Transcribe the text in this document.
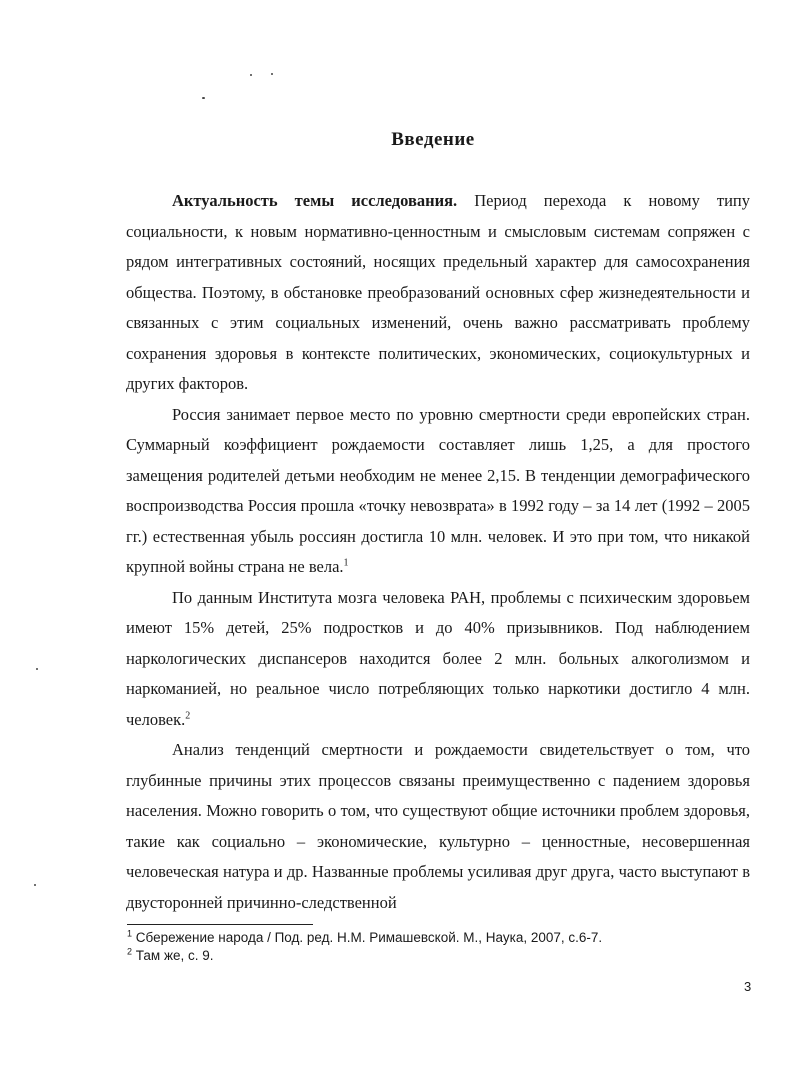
Введение

Актуальность темы исследования. Период перехода к новому типу социальности, к новым нормативно-ценностным и смысловым системам сопряжен с рядом интегративных состояний, носящих предельный характер для самосохранения общества. Поэтому, в обстановке преобразований основных сфер жизнедеятельности и связанных с этим социальных изменений, очень важно рассматривать проблему сохранения здоровья в контексте политических, экономических, социокультурных и других факторов.

Россия занимает первое место по уровню смертности среди европейских стран. Суммарный коэффициент рождаемости составляет лишь 1,25, а для простого замещения родителей детьми необходим не менее 2,15. В тенденции демографического воспроизводства Россия прошла «точку невозврата» в 1992 году – за 14 лет (1992 – 2005 гг.) естественная убыль россиян достигла 10 млн. человек. И это при том, что никакой крупной войны страна не вела.$^1$

По данным Института мозга человека РАН, проблемы с психическим здоровьем имеют 15% детей, 25% подростков и до 40% призывников. Под наблюдением наркологических диспансеров находится более 2 млн. больных алкоголизмом и наркоманией, но реальное число потребляющих только наркотики достигло 4 млн. человек.$^2$

Анализ тенденций смертности и рождаемости свидетельствует о том, что глубинные причины этих процессов связаны преимущественно с падением здоровья населения. Можно говорить о том, что существуют общие источники проблем здоровья, такие как социально – экономические, культурно – ценностные, несовершенная человеческая натура и др. Названные проблемы усиливая друг друга, часто выступают в двусторонней причинно-следственной

$^1$ Сбережение народа / Под. ред. Н.М. Римашевской. М., Наука, 2007, с.6-7.
$^2$ Там же, с. 9.
3
